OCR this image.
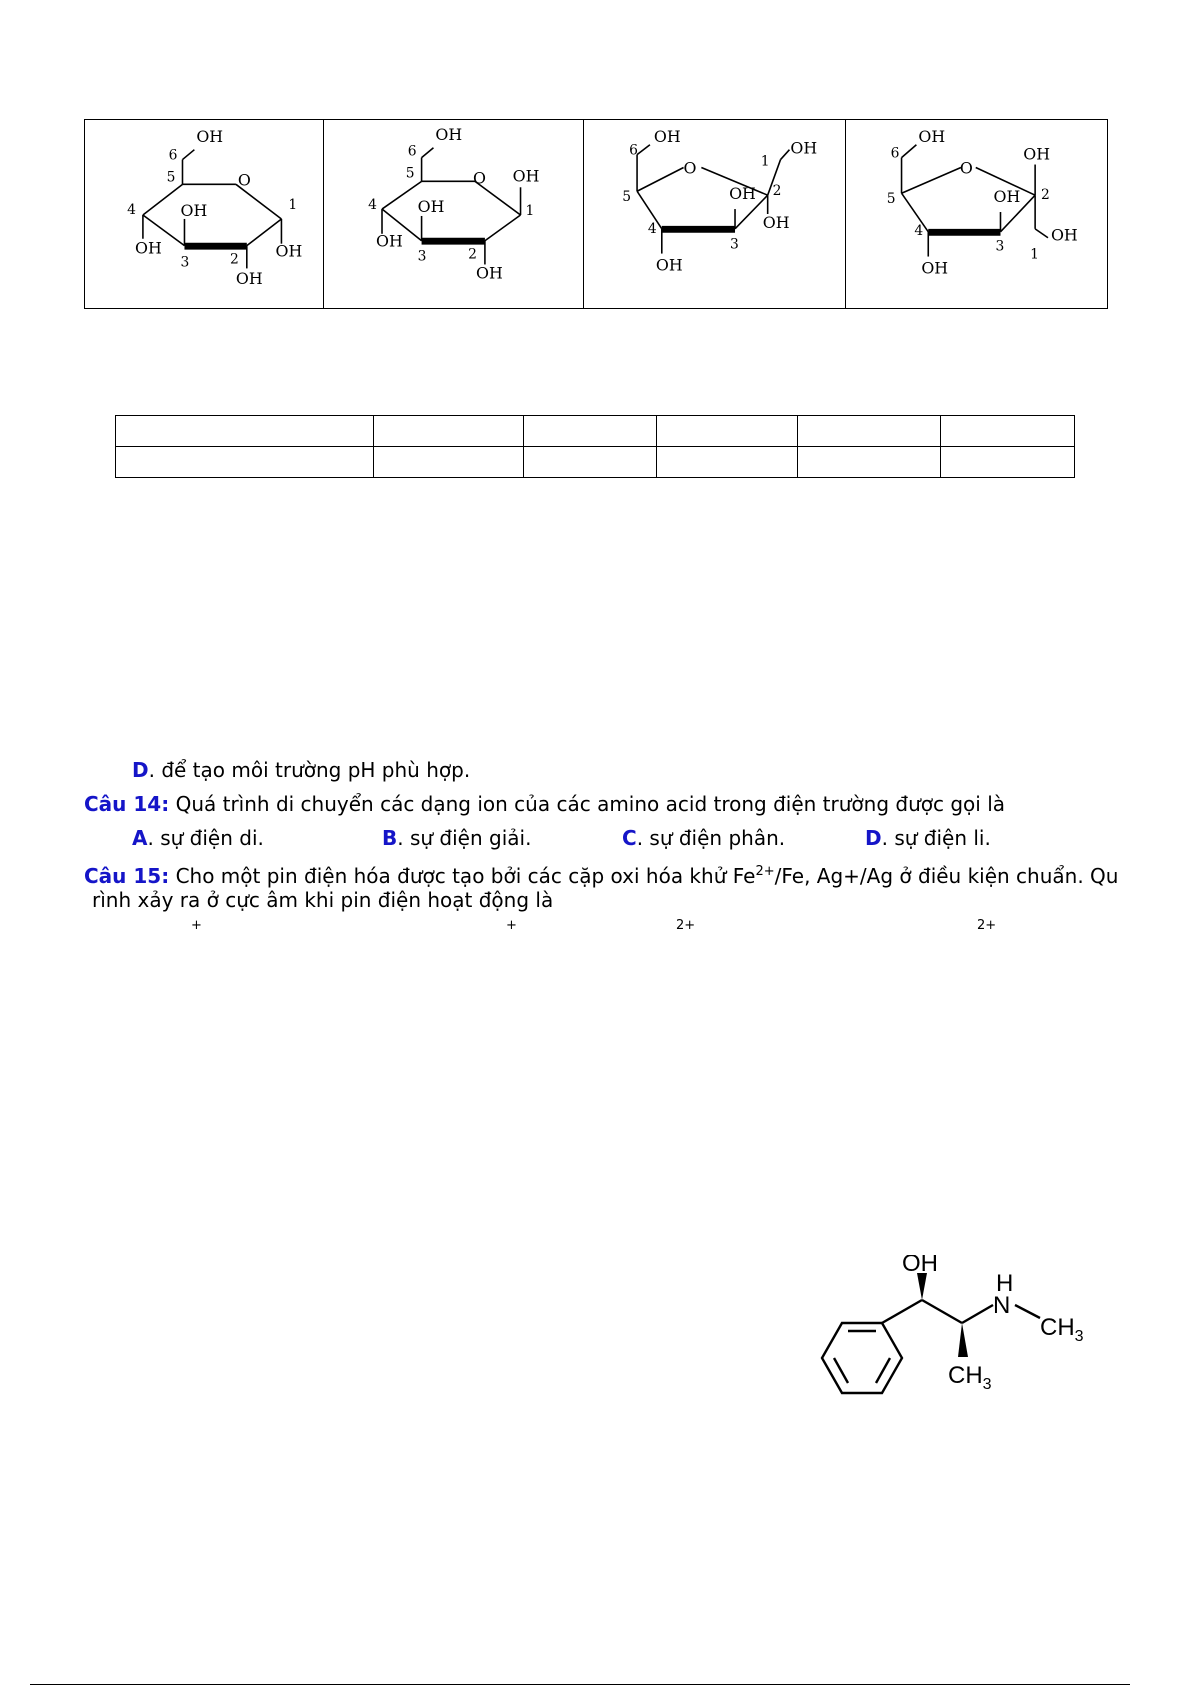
OH
6
5	O
1
4	OH
OH
3	2 OH
OH
OH
6
5	O OH
1
4	OH
OH
3	2
OH
OH
6
O	1
OH
5	OH 2
OH
4
3
OH
OH
6
O
OH
5	OH 2
4	OH
3 1
OH

D. để tạo môi trường pH phù hợp.
Câu 14: Quá trình di chuyển các dạng ion của các amino acid trong điện trường được gọi là
A. sự điện di.	B. sự điện giải.	C. sự điện phân.	D. sự điện li.
Câu 15: Cho một pin điện hóa được tạo bởi các cặp oxi hóa khử $Fe^{2+}/Fe$, Ag+/Ag ở điều kiện chuẩn. Qu
rình xảy ra ở cực âm khi pin điện hoạt động là
+	+	2+	2+
OH
H
N
$CH_3$
$CH_3$
